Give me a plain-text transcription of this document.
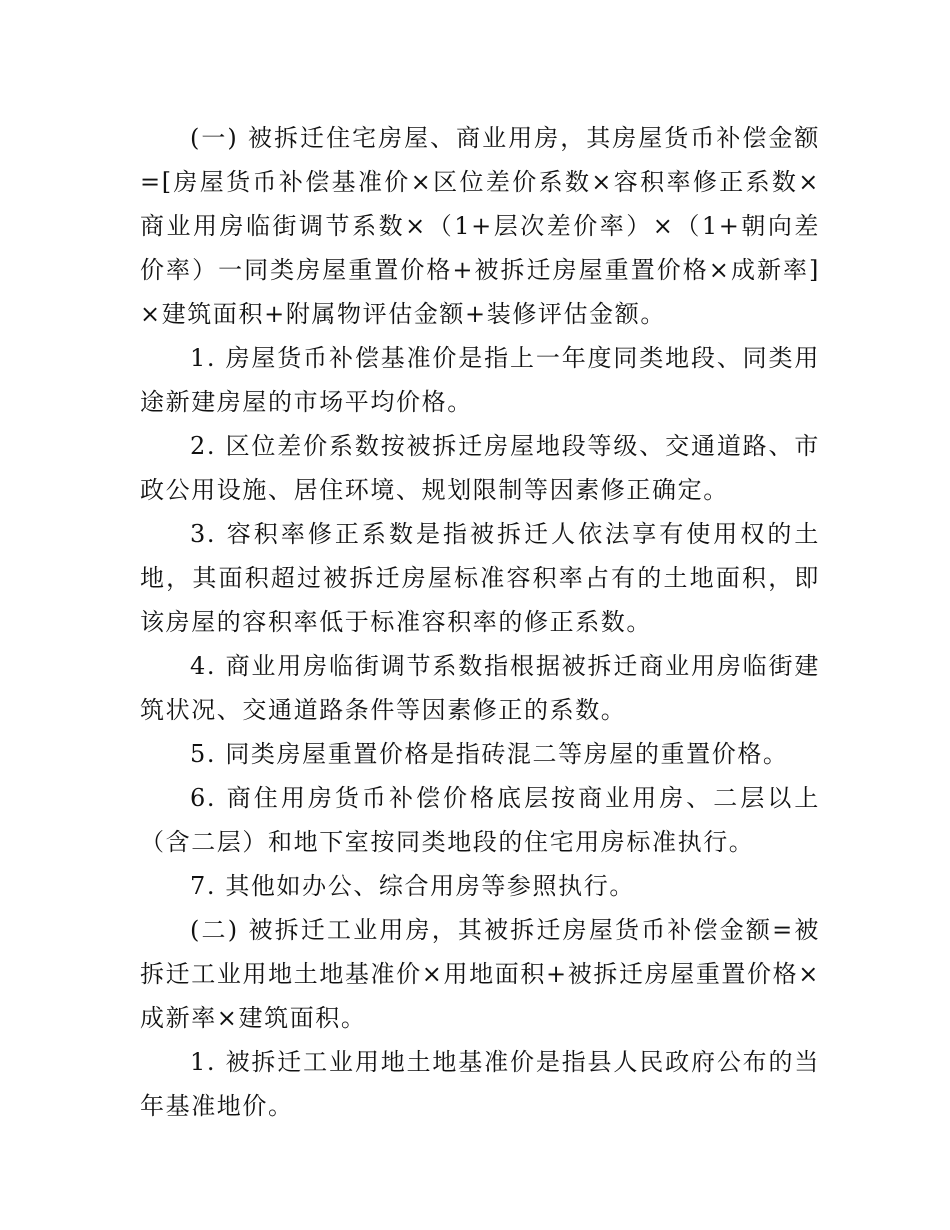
(一) 被拆迁住宅房屋、商业用房，其房屋货币补偿金额=[房屋货币补偿基准价×区位差价系数×容积率修正系数×商业用房临街调节系数×（1+层次差价率）×（1+朝向差价率）一同类房屋重置价格+被拆迁房屋重置价格×成新率]×建筑面积+附属物评估金额+装修评估金额。

1. 房屋货币补偿基准价是指上一年度同类地段、同类用途新建房屋的市场平均价格。

2. 区位差价系数按被拆迁房屋地段等级、交通道路、市政公用设施、居住环境、规划限制等因素修正确定。

3. 容积率修正系数是指被拆迁人依法享有使用权的土地，其面积超过被拆迁房屋标准容积率占有的土地面积，即该房屋的容积率低于标准容积率的修正系数。

4. 商业用房临街调节系数指根据被拆迁商业用房临街建筑状况、交通道路条件等因素修正的系数。

5. 同类房屋重置价格是指砖混二等房屋的重置价格。

6. 商住用房货币补偿价格底层按商业用房、二层以上（含二层）和地下室按同类地段的住宅用房标准执行。

7. 其他如办公、综合用房等参照执行。

(二) 被拆迁工业用房，其被拆迁房屋货币补偿金额=被拆迁工业用地土地基准价×用地面积+被拆迁房屋重置价格×成新率×建筑面积。

1. 被拆迁工业用地土地基准价是指县人民政府公布的当年基准地价。
